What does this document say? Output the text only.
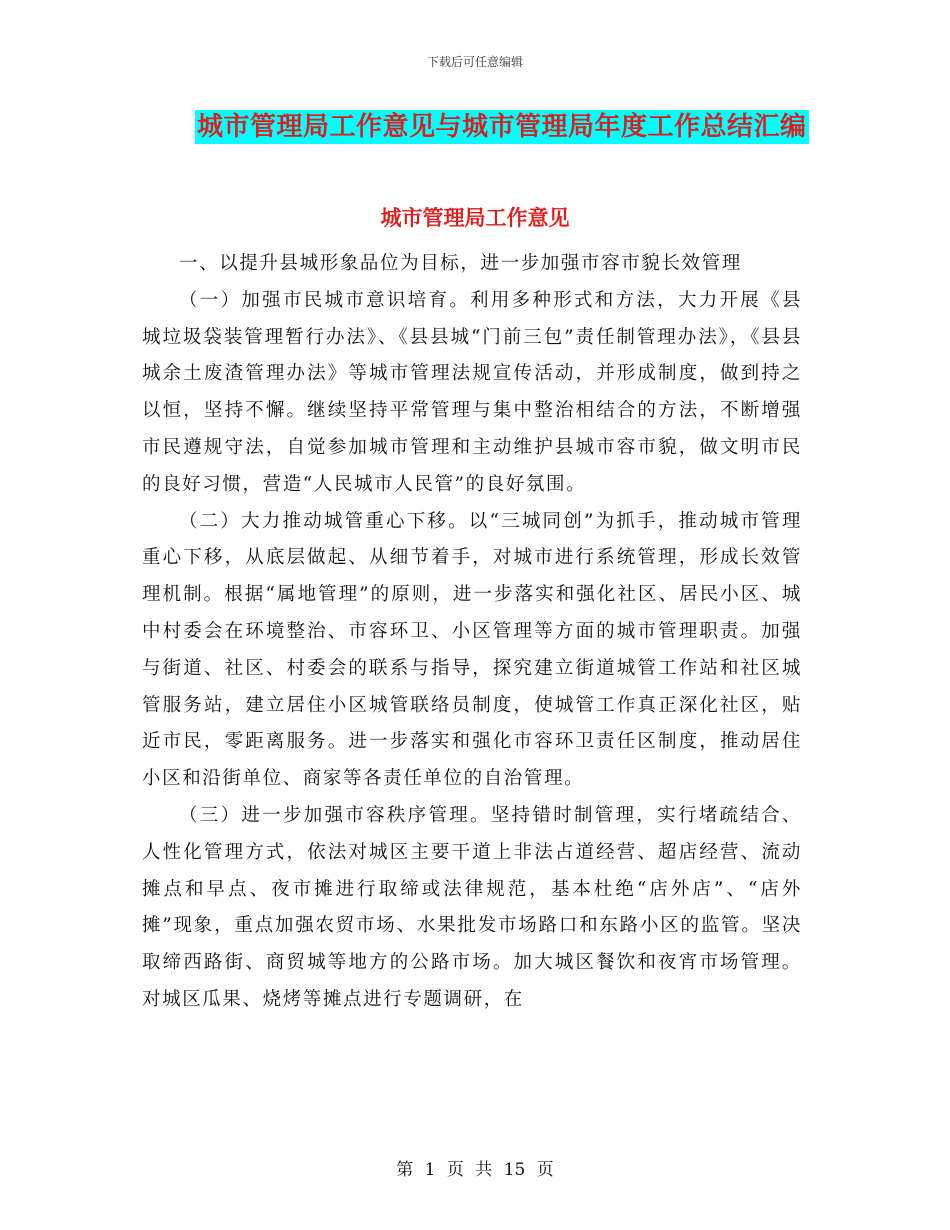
下载后可任意编辑
城市管理局工作意见与城市管理局年度工作总结汇编
城市管理局工作意见

一、以提升县城形象品位为目标，进一步加强市容市貌长效管理

（一）加强市民城市意识培育。利用多种形式和方法，大力开展《县城垃圾袋装管理暂行办法》、《县县城“门前三包”责任制管理办法》，《县县城余土废渣管理办法》等城市管理法规宣传活动，并形成制度，做到持之以恒，坚持不懈。继续坚持平常管理与集中整治相结合的方法，不断增强市民遵规守法，自觉参加城市管理和主动维护县城市容市貌，做文明市民的良好习惯，营造“人民城市人民管”的良好氛围。

（二）大力推动城管重心下移。以“三城同创”为抓手，推动城市管理重心下移，从底层做起、从细节着手，对城市进行系统管理，形成长效管理机制。根据“属地管理”的原则，进一步落实和强化社区、居民小区、城中村委会在环境整治、市容环卫、小区管理等方面的城市管理职责。加强与街道、社区、村委会的联系与指导，探究建立街道城管工作站和社区城管服务站，建立居住小区城管联络员制度，使城管工作真正深化社区，贴近市民，零距离服务。进一步落实和强化市容环卫责任区制度，推动居住小区和沿街单位、商家等各责任单位的自治管理。

（三）进一步加强市容秩序管理。坚持错时制管理，实行堵疏结合、人性化管理方式，依法对城区主要干道上非法占道经营、超店经营、流动摊点和早点、夜市摊进行取缔或法律规范，基本杜绝“店外店”、“店外摊”现象，重点加强农贸市场、水果批发市场路口和东路小区的监管。坚决取缔西路街、商贸城等地方的公路市场。加大城区餐饮和夜宵市场管理。对城区瓜果、烧烤等摊点进行专题调研，在

第 1 页 共 15 页
